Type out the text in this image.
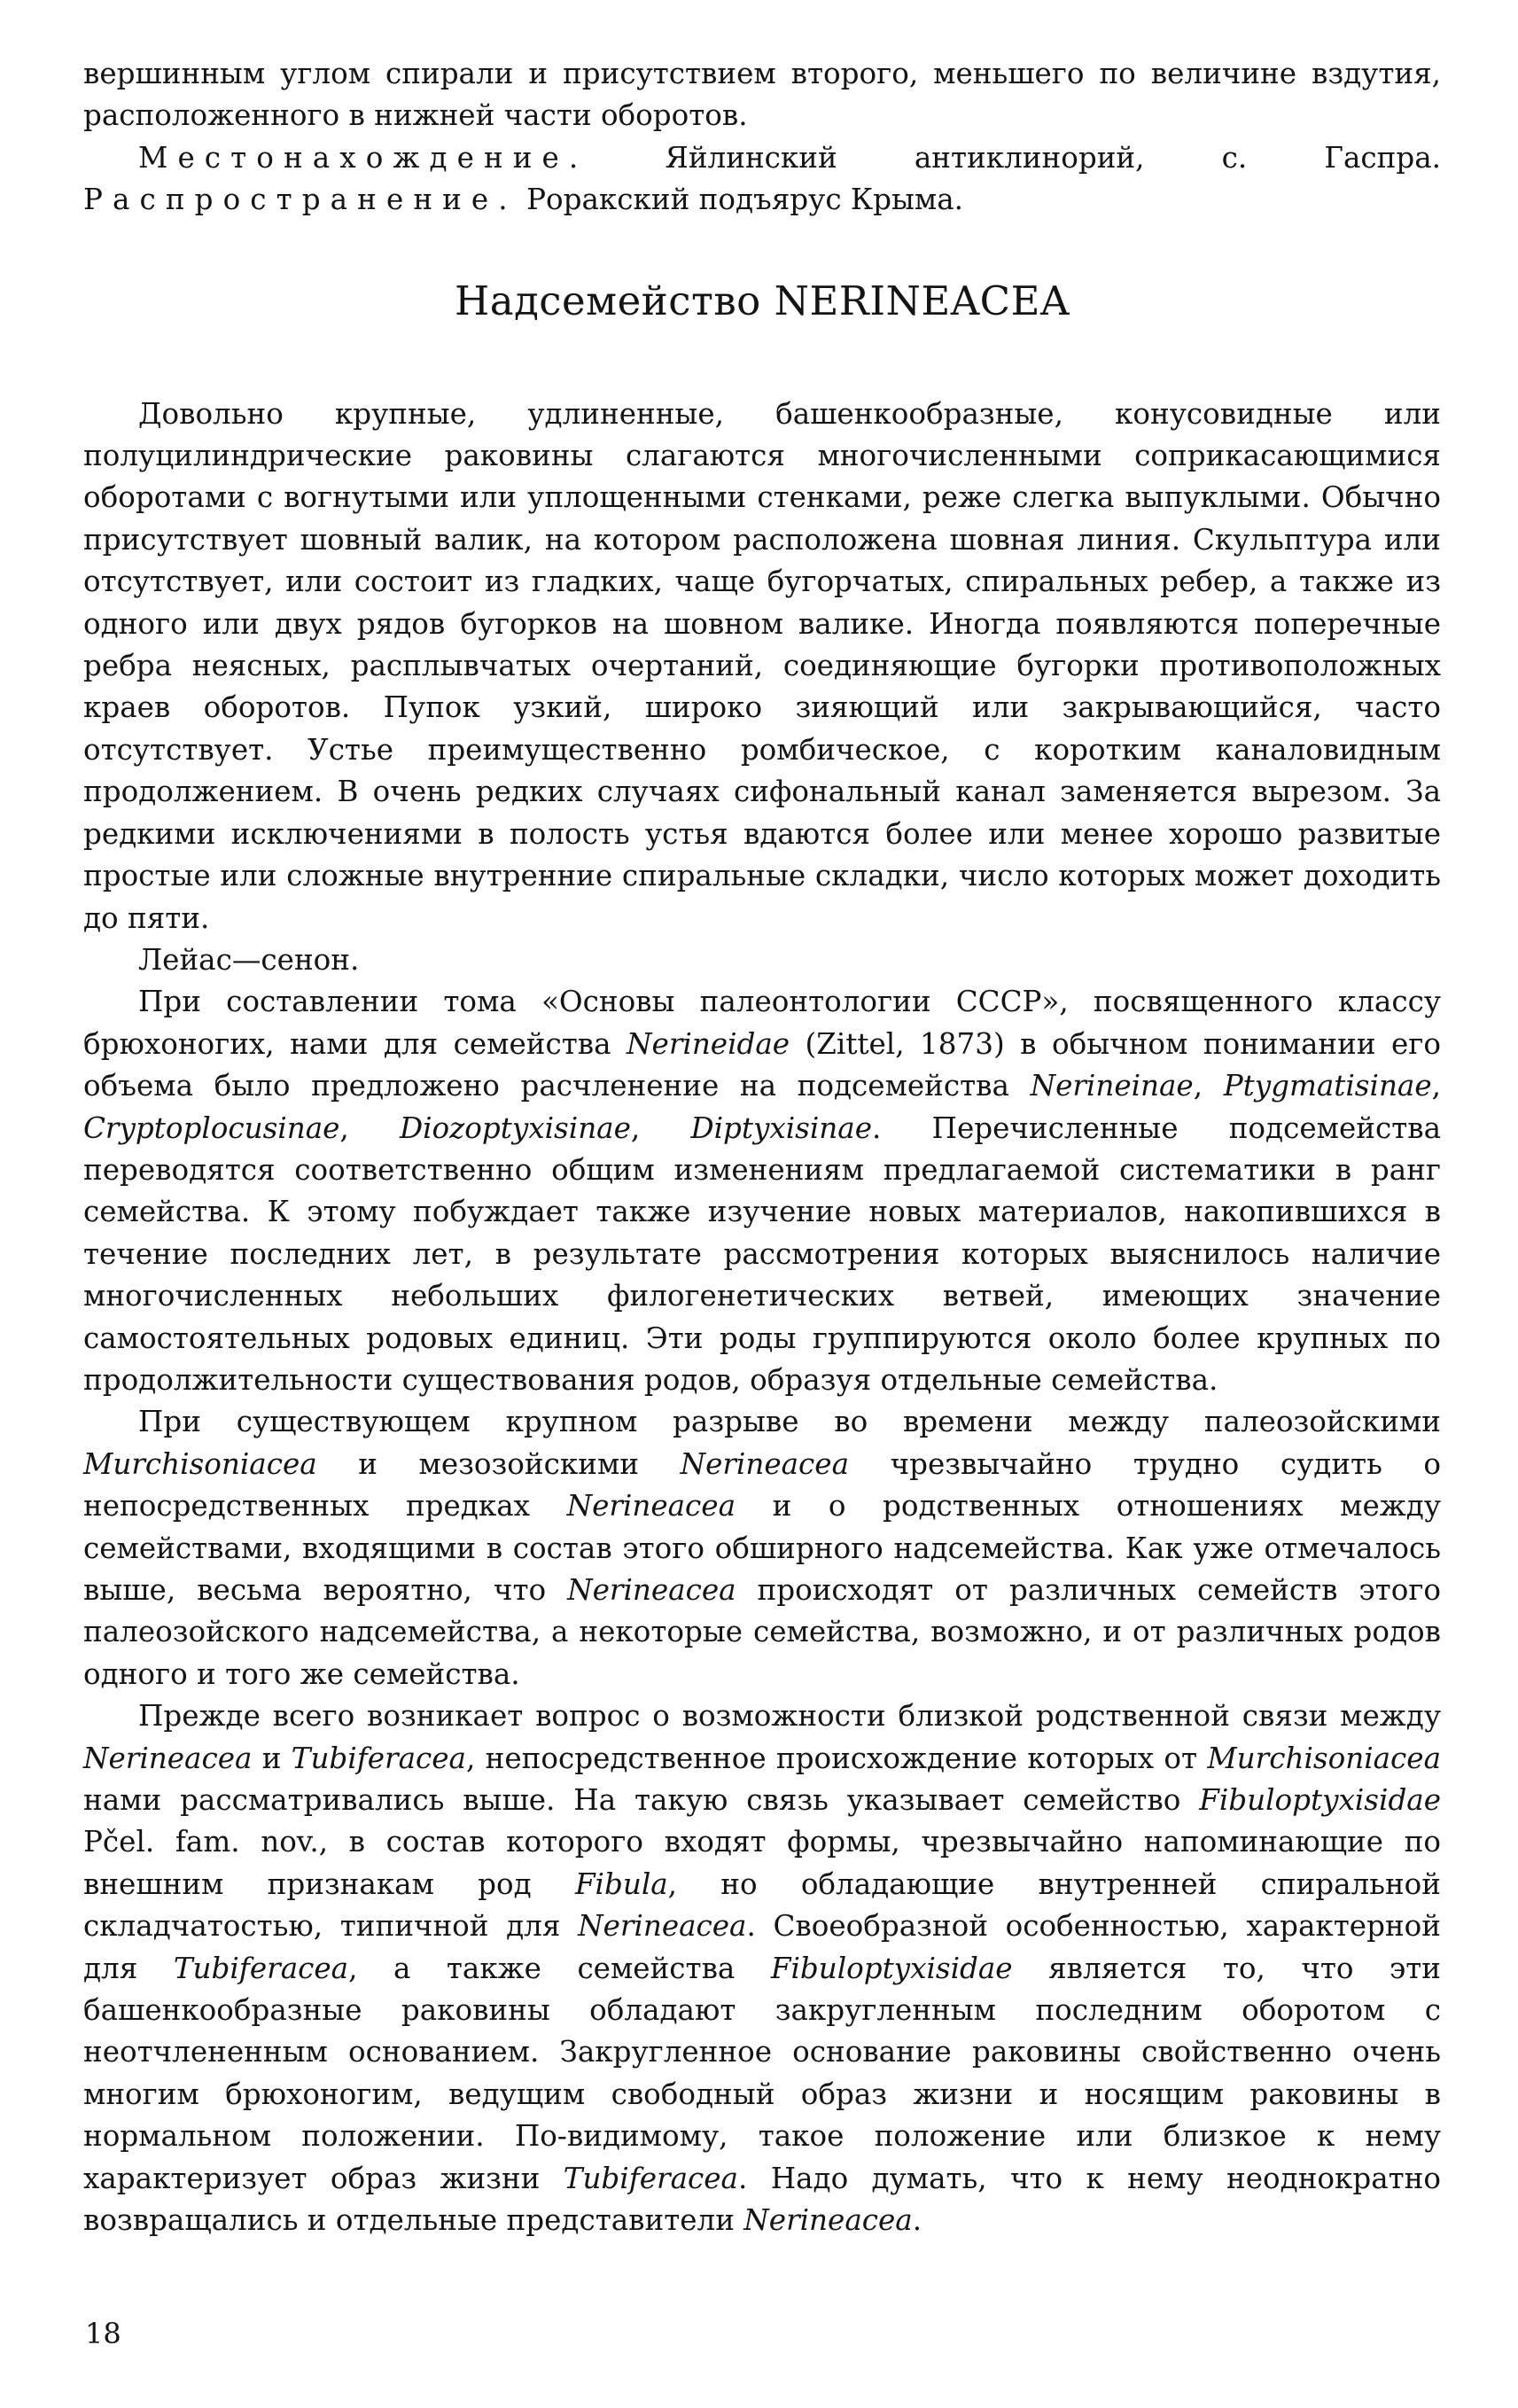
вершинным углом спирали и присутствием второго, меньшего по величине вздутия, расположенного в нижней части оборотов.

Местонахождение. Яйлинский антиклинорий, с. Гаспра. Распространение. Роракский подъярус Крыма.

Надсемейство NERINEACEA

Довольно крупные, удлиненные, башенкообразные, конусовидные или полуцилиндрические раковины слагаются многочисленными соприкасающимися оборотами с вогнутыми или уплощенными стенками, реже слегка выпуклыми. Обычно присутствует шовный валик, на котором расположена шовная линия. Скульптура или отсутствует, или состоит из гладких, чаще бугорчатых, спиральных ребер, а также из одного или двух рядов бугорков на шовном валике. Иногда появляются поперечные ребра неясных, расплывчатых очертаний, соединяющие бугорки противоположных краев оборотов. Пупок узкий, широко зияющий или закрывающийся, часто отсутствует. Устье преимущественно ромбическое, с коротким каналовидным продолжением. В очень редких случаях сифональный канал заменяется вырезом. За редкими исключениями в полость устья вдаются более или менее хорошо развитые простые или сложные внутренние спиральные складки, число которых может доходить до пяти.

Лейас—сенон.

При составлении тома «Основы палеонтологии СССР», посвященного классу брюхоногих, нами для семейства Nerineidae (Zittel, 1873) в обычном понимании его объема было предложено расчленение на подсемейства Nerineinae, Ptygmatisinae, Cryptoplocusinae, Diozoptyxisinae, Diptyxisinae. Перечисленные подсемейства переводятся соответственно общим изменениям предлагаемой систематики в ранг семейства. К этому побуждает также изучение новых материалов, накопившихся в течение последних лет, в результате рассмотрения которых выяснилось наличие многочисленных небольших филогенетических ветвей, имеющих значение самостоятельных родовых единиц. Эти роды группируются около более крупных по продолжительности существования родов, образуя отдельные семейства.

При существующем крупном разрыве во времени между палеозойскими Murchisoniacea и мезозойскими Nerineacea чрезвычайно трудно судить о непосредственных предках Nerineacea и о родственных отношениях между семействами, входящими в состав этого обширного надсемейства. Как уже отмечалось выше, весьма вероятно, что Nerineacea происходят от различных семейств этого палеозойского надсемейства, а некоторые семейства, возможно, и от различных родов одного и того же семейства.

Прежде всего возникает вопрос о возможности близкой родственной связи между Nerineacea и Tubiferacea, непосредственное происхождение которых от Murchisoniacea нами рассматривались выше. На такую связь указывает семейство Fibuloptyxisidae Pčel. fam. nov., в состав которого входят формы, чрезвычайно напоминающие по внешним признакам род Fibula, но обладающие внутренней спиральной складчатостью, типичной для Nerineacea. Своеобразной особенностью, характерной для Tubiferacea, а также семейства Fibuloptyxisidae является то, что эти башенкообразные раковины обладают закругленным последним оборотом с неотчлененным основанием. Закругленное основание раковины свойственно очень многим брюхоногим, ведущим свободный образ жизни и носящим раковины в нормальном положении. По-видимому, такое положение или близкое к нему характеризует образ жизни Tubiferacea. Надо думать, что к нему неоднократно возвращались и отдельные представители Nerineacea.

18
